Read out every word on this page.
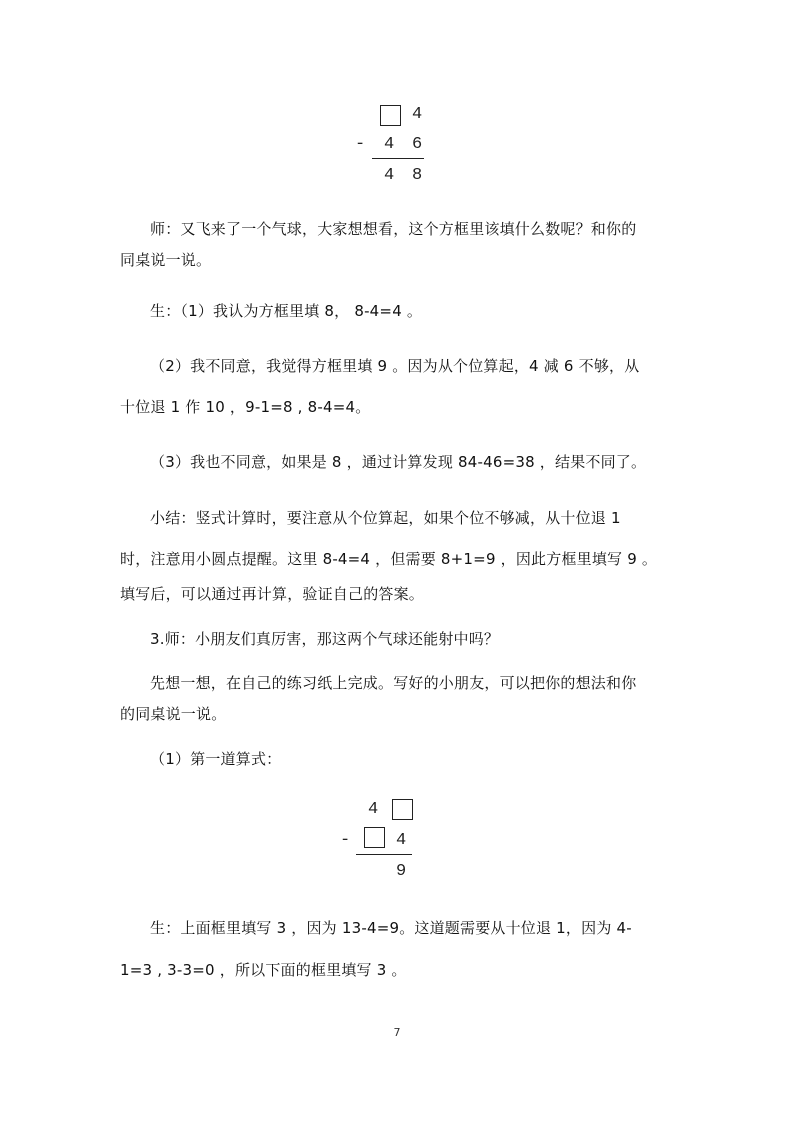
4
- 4 6
4 8
师：又飞来了一个气球，大家想想看，这个方框里该填什么数呢？和你的
同桌说一说。
生：（1）我认为方框里填 8， 8-4=4 。
（2）我不同意，我觉得方框里填 9 。因为从个位算起，4 减 6 不够，从
十位退 1 作 10 ，9-1=8 , 8-4=4。
（3）我也不同意，如果是 8 ，通过计算发现 84-46=38 ，结果不同了。
小结：竖式计算时，要注意从个位算起，如果个位不够减，从十位退 1
时，注意用小圆点提醒。这里 8-4=4 ，但需要 8+1=9 ，因此方框里填写 9 。
填写后，可以通过再计算，验证自己的答案。
3.师：小朋友们真厉害，那这两个气球还能射中吗？
先想一想，在自己的练习纸上完成。写好的小朋友，可以把你的想法和你
的同桌说一说。
（1）第一道算式：
4
-	4
9
生：上面框里填写 3 ，因为 13-4=9。这道题需要从十位退 1，因为 4-
1=3 , 3-3=0 ，所以下面的框里填写 3 。
7
